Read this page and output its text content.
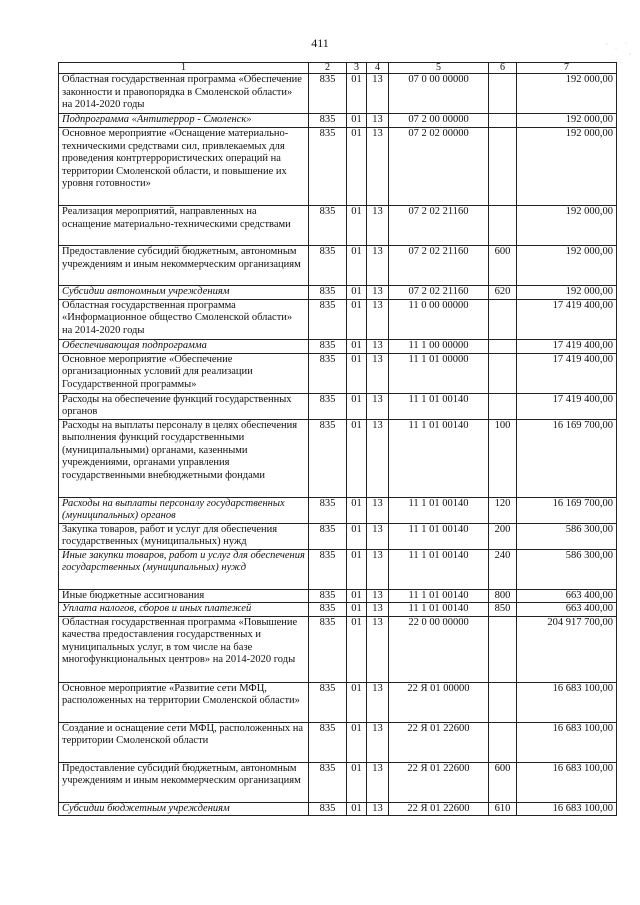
411
1	2	3	4	5	6	7
Областная государственная программа «Обеспечение законности и правопорядка в Смоленской области» на 2014-2020 годы	835	01	13	07 0 00 00000		192 000,00
Подпрограмма «Антитеррор - Смоленск»	835	01	13	07 2 00 00000		192 000,00
Основное мероприятие «Оснащение материально-техническими средствами сил, привлекаемых для проведения контртеррористических операций на территории Смоленской области, и повышение их уровня готовности»	835	01	13	07 2 02 00000		192 000,00
Реализация мероприятий, направленных на оснащение материально-техническими средствами	835	01	13	07 2 02 21160		192 000,00
Предоставление субсидий бюджетным, автономным учреждениям и иным некоммерческим организациям	835	01	13	07 2 02 21160	600	192 000,00
Субсидии автономным учреждениям	835	01	13	07 2 02 21160	620	192 000,00
Областная государственная программа «Информационное общество Смоленской области» на 2014-2020 годы	835	01	13	11 0 00 00000		17 419 400,00
Обеспечивающая подпрограмма	835	01	13	11 1 00 00000		17 419 400,00
Основное мероприятие «Обеспечение организационных условий для реализации Государственной программы»	835	01	13	11 1 01 00000		17 419 400,00
Расходы на обеспечение функций государственных органов	835	01	13	11 1 01 00140		17 419 400,00
Расходы на выплаты персоналу в целях обеспечения выполнения функций государственными (муниципальными) органами, казенными учреждениями, органами управления государственными внебюджетными фондами	835	01	13	11 1 01 00140	100	16 169 700,00
Расходы на выплаты персоналу государственных (муниципальных) органов	835	01	13	11 1 01 00140	120	16 169 700,00
Закупка товаров, работ и услуг для обеспечения государственных (муниципальных) нужд	835	01	13	11 1 01 00140	200	586 300,00
Иные закупки товаров, работ и услуг для обеспечения государственных (муниципальных) нужд	835	01	13	11 1 01 00140	240	586 300,00
Иные бюджетные ассигнования	835	01	13	11 1 01 00140	800	663 400,00
Уплата налогов, сборов и иных платежей	835	01	13	11 1 01 00140	850	663 400,00
Областная государственная программа «Повышение качества предоставления государственных и муниципальных услуг, в том числе на базе многофункциональных центров» на 2014-2020 годы	835	01	13	22 0 00 00000		204 917 700,00
Основное мероприятие «Развитие сети МФЦ, расположенных на территории Смоленской области»	835	01	13	22 Я 01 00000		16 683 100,00
Создание и оснащение сети МФЦ, расположенных на территории Смоленской области	835	01	13	22 Я 01 22600		16 683 100,00
Предоставление субсидий бюджетным, автономным учреждениям и иным некоммерческим организациям	835	01	13	22 Я 01 22600	600	16 683 100,00
Субсидии бюджетным учреждениям	835	01	13	22 Я 01 22600	610	16 683 100,00
